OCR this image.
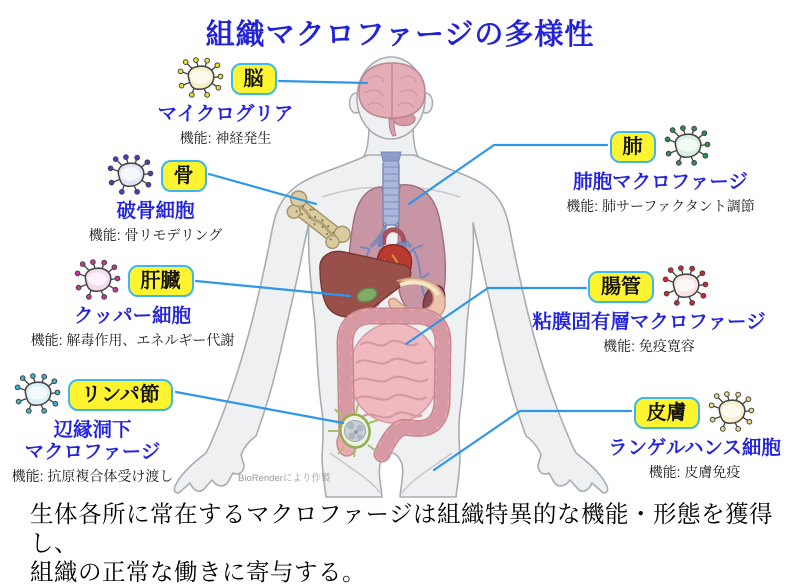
組織マクロファージの多様性
脳
マイクログリア
機能: 神経発生
骨
破骨細胞
機能: 骨リモデリング
肝臓
クッパー細胞
機能: 解毒作用、エネルギー代謝
リンパ節
辺縁洞下
マクロファージ
機能: 抗原複合体受け渡し
肺
肺胞マクロファージ
機能: 肺サーファクタント調節
腸管
粘膜固有層マクロファージ
機能: 免疫寛容
皮膚
ランゲルハンス細胞
機能: 皮膚免疫
BioRenderにより作製
生体各所に常在するマクロファージは組織特異的な機能・形態を獲得し、
組織の正常な働きに寄与する。
